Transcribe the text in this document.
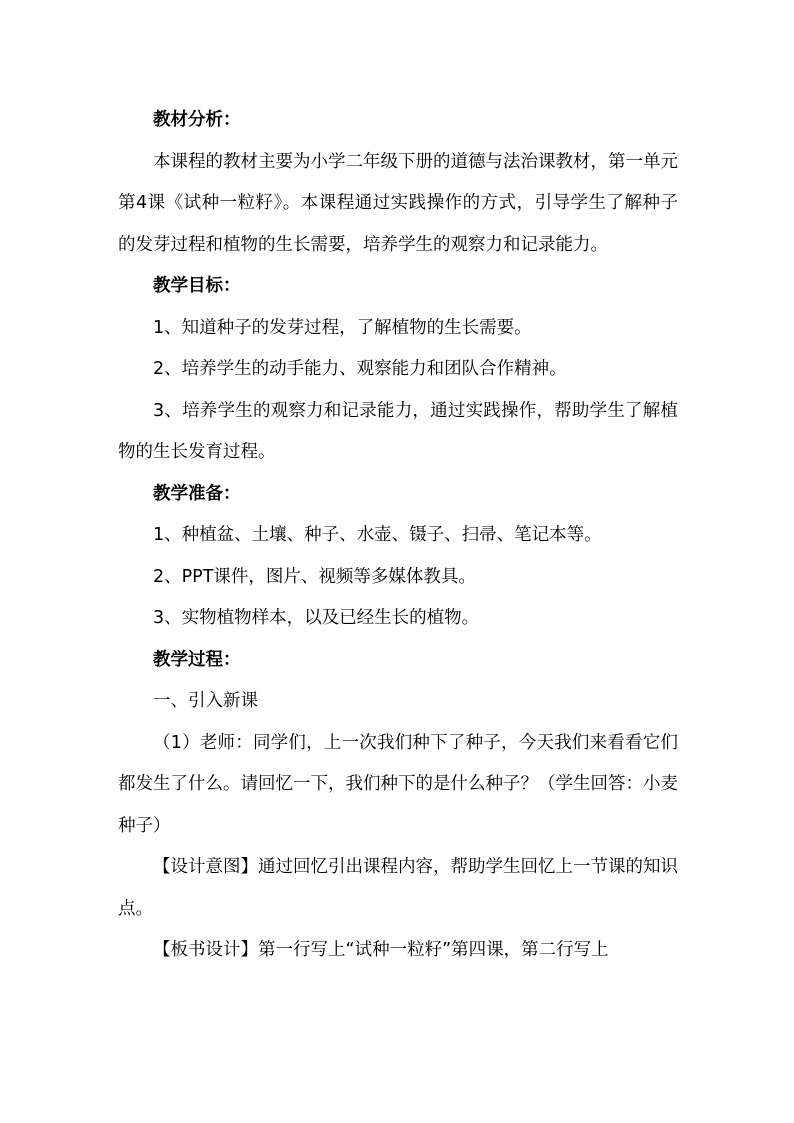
教材分析：

本课程的教材主要为小学二年级下册的道德与法治课教材，第一单元第4课《试种一粒籽》。本课程通过实践操作的方式，引导学生了解种子的发芽过程和植物的生长需要，培养学生的观察力和记录能力。

教学目标：

1、知道种子的发芽过程，了解植物的生长需要。

2、培养学生的动手能力、观察能力和团队合作精神。

3、培养学生的观察力和记录能力，通过实践操作，帮助学生了解植物的生长发育过程。

教学准备：

1、种植盆、土壤、种子、水壶、镊子、扫帚、笔记本等。

2、PPT课件，图片、视频等多媒体教具。

3、实物植物样本，以及已经生长的植物。

教学过程：

一、引入新课

（1）老师：同学们，上一次我们种下了种子，今天我们来看看它们都发生了什么。请回忆一下，我们种下的是什么种子？（学生回答：小麦种子）

【设计意图】通过回忆引出课程内容，帮助学生回忆上一节课的知识点。

【板书设计】第一行写上“试种一粒籽”第四课，第二行写上
